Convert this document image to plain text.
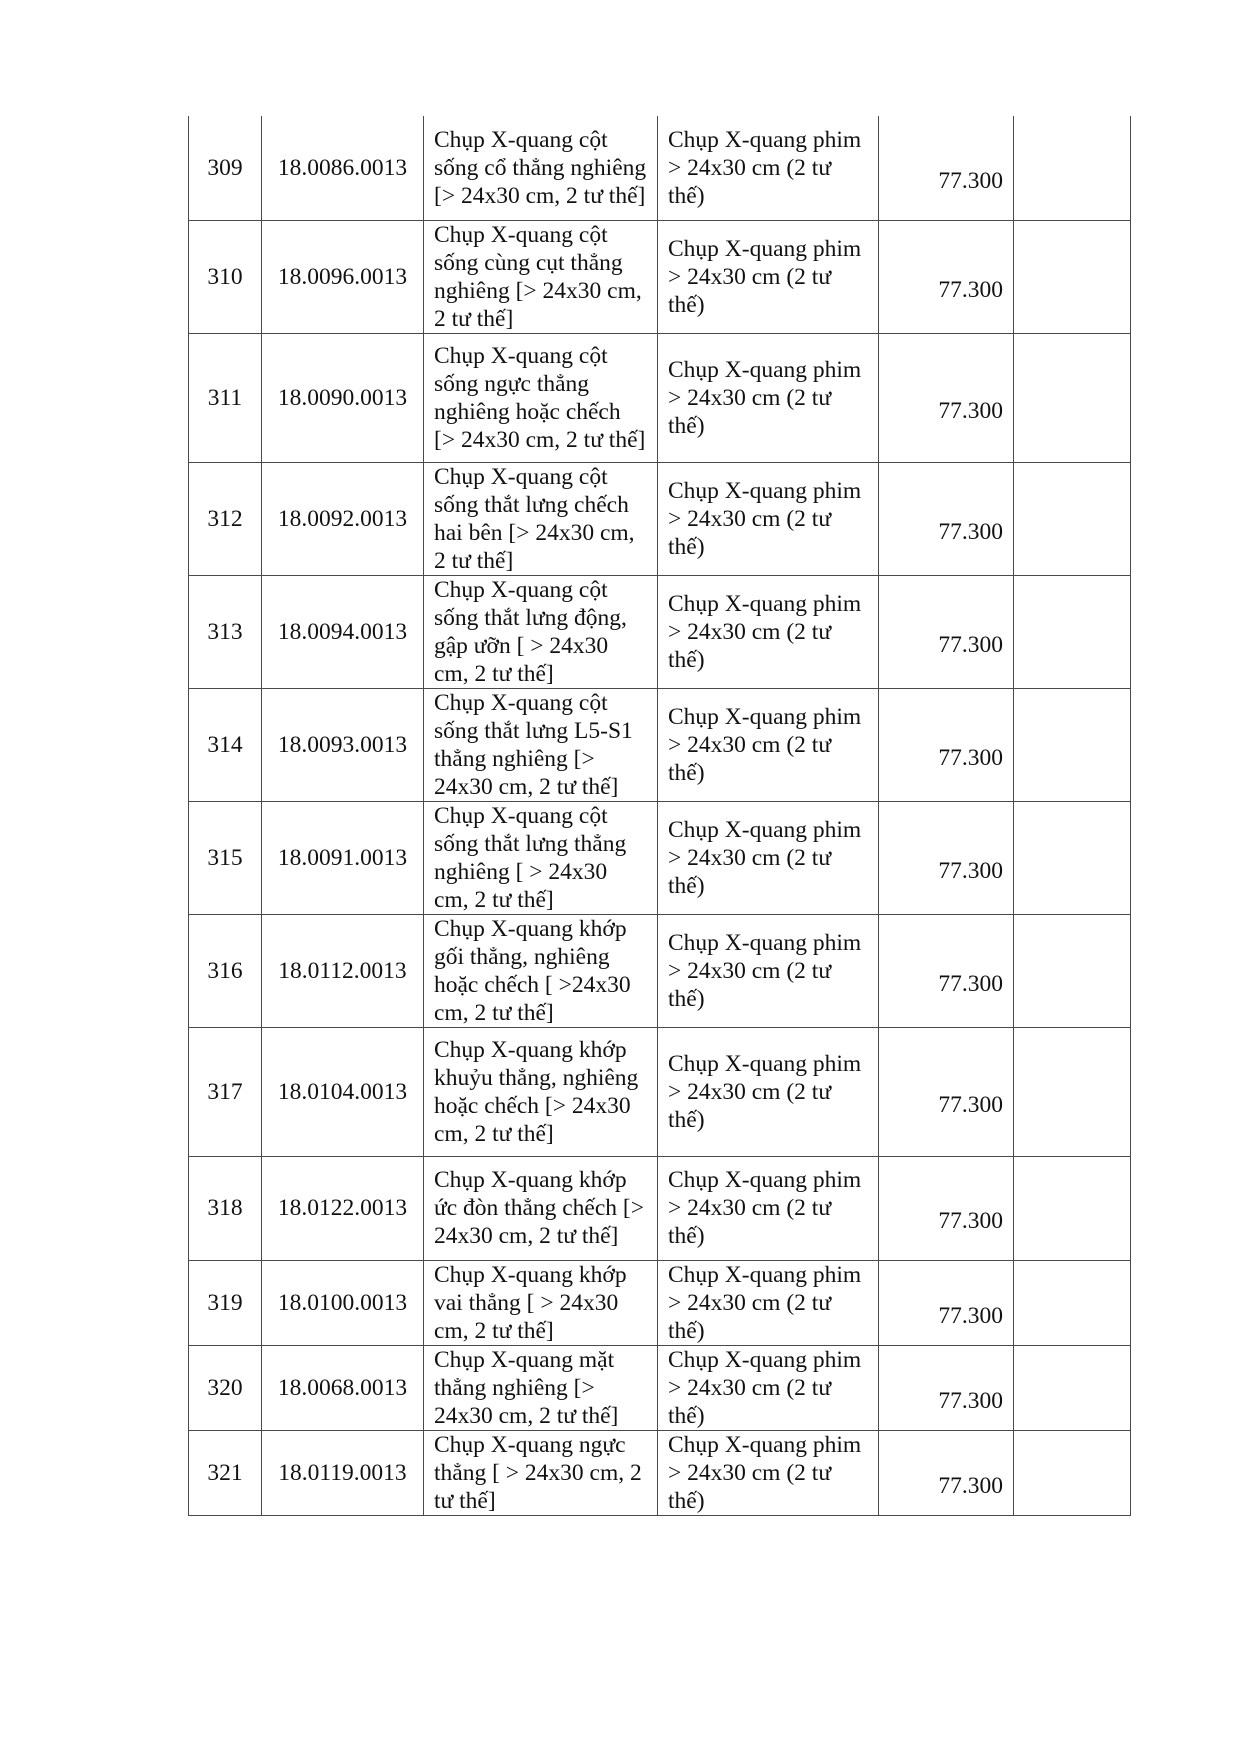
309	18.0086.0013	Chụp X-quang cột sống cổ thẳng nghiêng [> 24x30 cm, 2 tư thế]	Chụp X-quang phim > 24x30 cm (2 tư thế)	77.300	
310	18.0096.0013	Chụp X-quang cột sống cùng cụt thẳng nghiêng [> 24x30 cm, 2 tư thế]	Chụp X-quang phim > 24x30 cm (2 tư thế)	77.300	
311	18.0090.0013	Chụp X-quang cột sống ngực thẳng nghiêng hoặc chếch [> 24x30 cm, 2 tư thế]	Chụp X-quang phim > 24x30 cm (2 tư thế)	77.300	
312	18.0092.0013	Chụp X-quang cột sống thắt lưng chếch hai bên [> 24x30 cm, 2 tư thế]	Chụp X-quang phim > 24x30 cm (2 tư thế)	77.300	
313	18.0094.0013	Chụp X-quang cột sống thắt lưng động, gập ưỡn [ > 24x30 cm, 2 tư thế]	Chụp X-quang phim > 24x30 cm (2 tư thế)	77.300	
314	18.0093.0013	Chụp X-quang cột sống thắt lưng L5-S1 thẳng nghiêng [> 24x30 cm, 2 tư thế]	Chụp X-quang phim > 24x30 cm (2 tư thế)	77.300	
315	18.0091.0013	Chụp X-quang cột sống thắt lưng thẳng nghiêng [ > 24x30 cm, 2 tư thế]	Chụp X-quang phim > 24x30 cm (2 tư thế)	77.300	
316	18.0112.0013	Chụp X-quang khớp gối thẳng, nghiêng hoặc chếch [ >24x30 cm, 2 tư thế]	Chụp X-quang phim > 24x30 cm (2 tư thế)	77.300	
317	18.0104.0013	Chụp X-quang khớp khuỷu thẳng, nghiêng hoặc chếch [> 24x30 cm, 2 tư thế]	Chụp X-quang phim > 24x30 cm (2 tư thế)	77.300	
318	18.0122.0013	Chụp X-quang khớp ức đòn thẳng chếch [> 24x30 cm, 2 tư thế]	Chụp X-quang phim > 24x30 cm (2 tư thế)	77.300	
319	18.0100.0013	Chụp X-quang khớp vai thẳng [ > 24x30 cm, 2 tư thế]	Chụp X-quang phim > 24x30 cm (2 tư thế)	77.300	
320	18.0068.0013	Chụp X-quang mặt thẳng nghiêng [> 24x30 cm, 2 tư thế]	Chụp X-quang phim > 24x30 cm (2 tư thế)	77.300	
321	18.0119.0013	Chụp X-quang ngực thẳng [ > 24x30 cm, 2 tư thế]	Chụp X-quang phim > 24x30 cm (2 tư thế)	77.300	
